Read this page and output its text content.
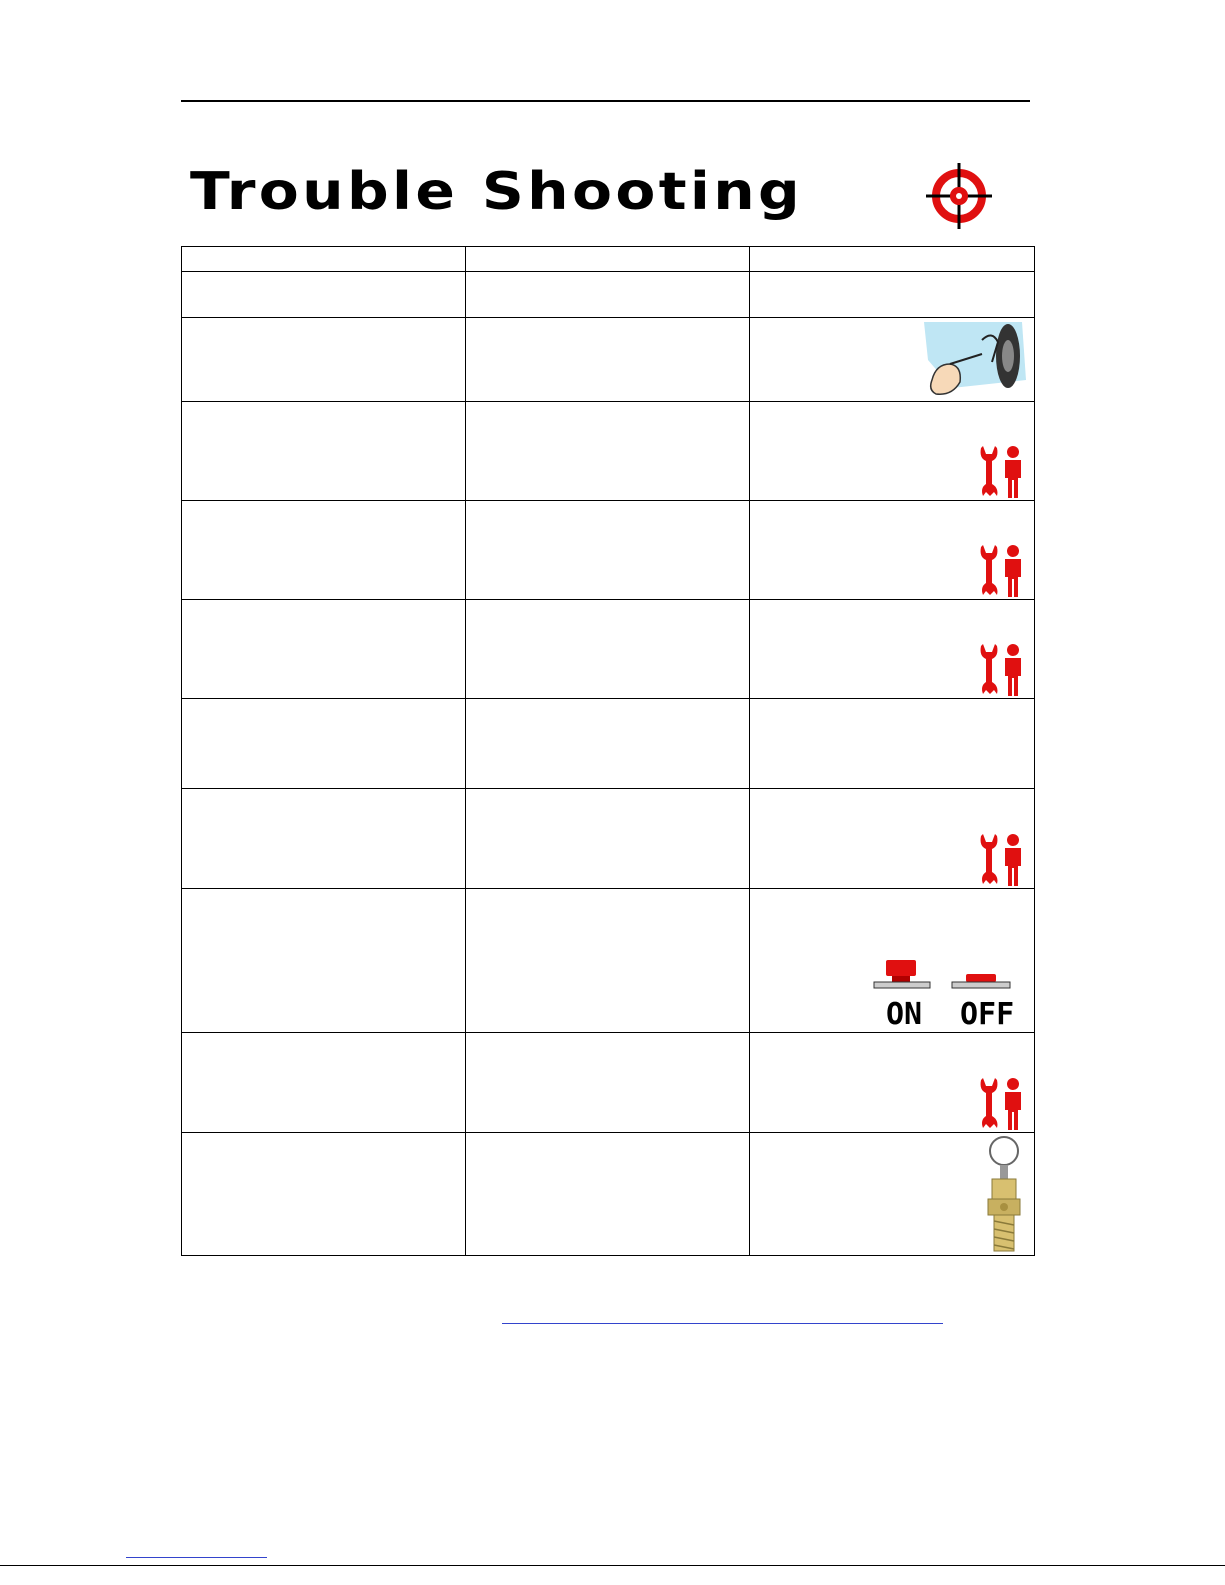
Trouble Shooting

ON OFF
